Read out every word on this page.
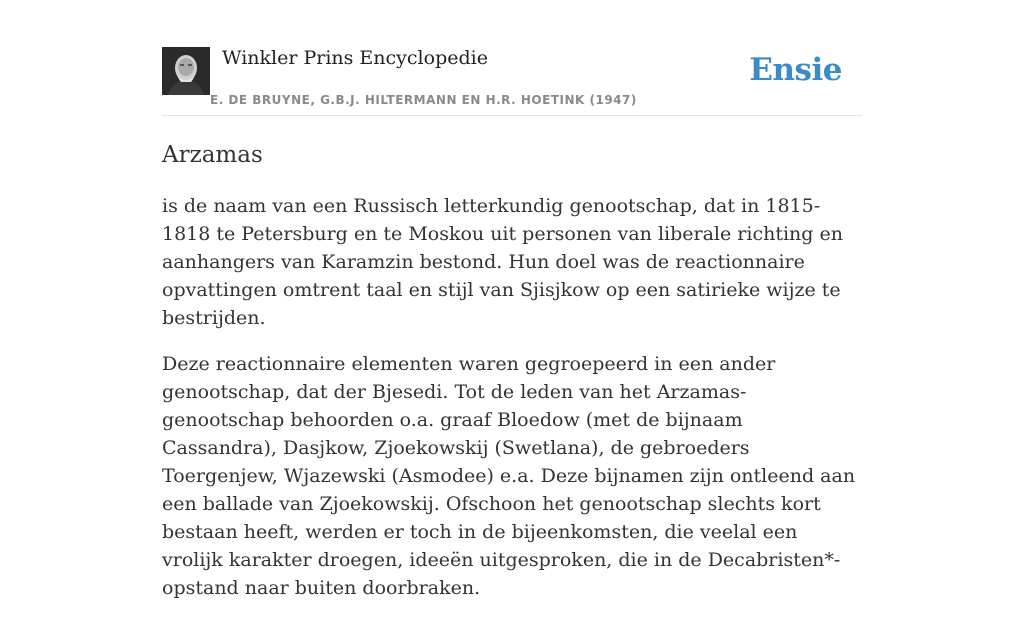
Winkler Prins Encyclopedie
E. DE BRUYNE, G.B.J. HILTERMANN EN H.R. HOETINK (1947)
Ensie
Arzamas

is de naam van een Russisch letterkundig genootschap, dat in 1815-1818 te Petersburg en te Moskou uit personen van liberale richting en aanhangers van Karamzin bestond. Hun doel was de reactionnaire opvattingen omtrent taal en stijl van Sjisjkow op een satirieke wijze te bestrijden.

Deze reactionnaire elementen waren gegroepeerd in een ander genootschap, dat der Bjesedi. Tot de leden van het Arzamas-genootschap behoorden o.a. graaf Bloedow (met de bijnaam Cassandra), Dasjkow, Zjoekowskij (Swetlana), de gebroeders Toergenjew, Wjazewski (Asmodee) e.a. Deze bijnamen zijn ontleend aan een ballade van Zjoekowskij. Ofschoon het genootschap slechts kort bestaan heeft, werden er toch in de bijeenkomsten, die veelal een vrolijk karakter droegen, ideeën uitgesproken, die in de Decabristen*-opstand naar buiten doorbraken.
